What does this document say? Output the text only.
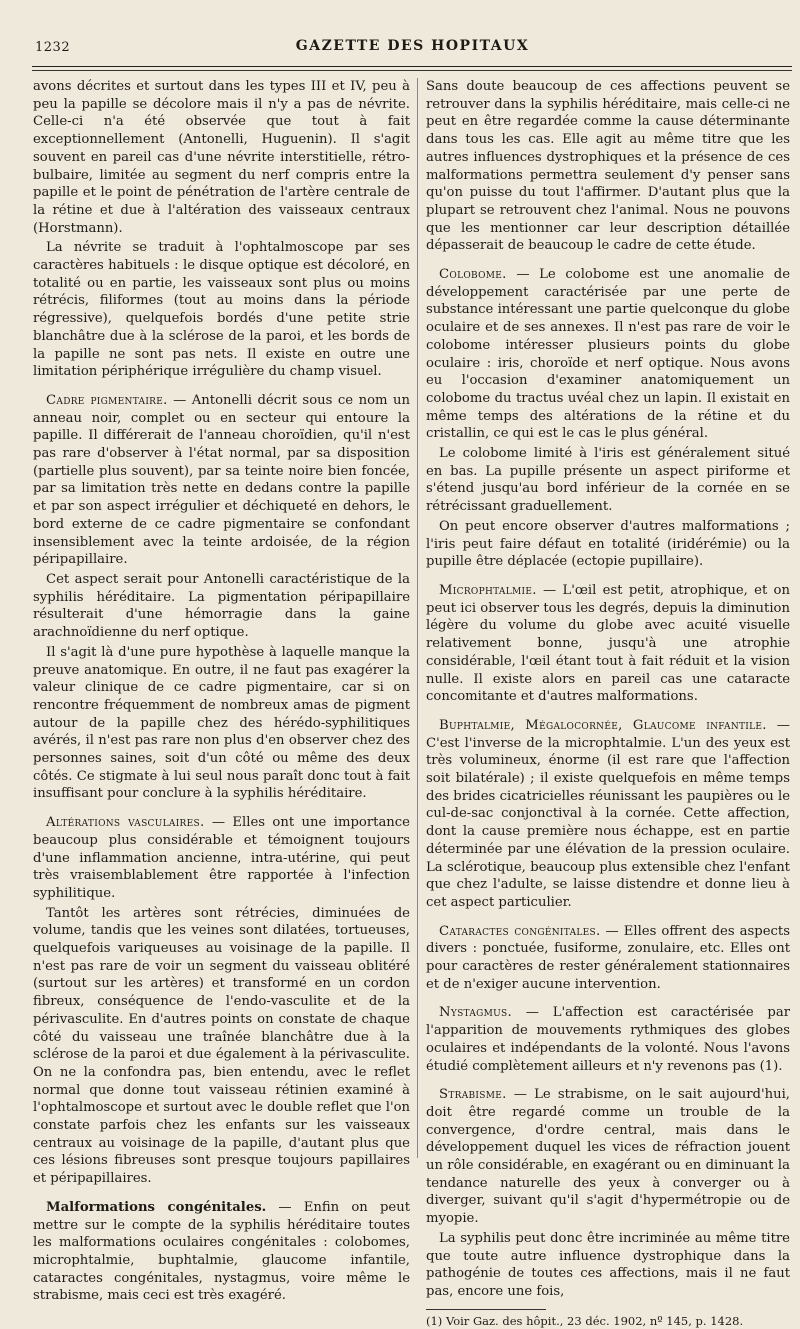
1232	GAZETTE DES HOPITAUX

avons décrites et surtout dans les types III et IV, peu à peu la papille se décolore mais il n'y a pas de névrite. Celle-ci n'a été observée que tout à fait exceptionnellement (Antonelli, Huguenin). Il s'agit souvent en pareil cas d'une névrite interstitielle, rétro-bulbaire, limitée au segment du nerf compris entre la papille et le point de pénétration de l'artère centrale de la rétine et due à l'altération des vaisseaux centraux (Horstmann).

La névrite se traduit à l'ophtalmoscope par ses caractères habituels : le disque optique est décoloré, en totalité ou en partie, les vaisseaux sont plus ou moins rétrécis, filiformes (tout au moins dans la période régressive), quelquefois bordés d'une petite strie blanchâtre due à la sclérose de la paroi, et les bords de la papille ne sont pas nets. Il existe en outre une limitation périphérique irrégulière du champ visuel.

Cadre pigmentaire. — Antonelli décrit sous ce nom un anneau noir, complet ou en secteur qui entoure la papille. Il différerait de l'anneau choroïdien, qu'il n'est pas rare d'observer à l'état normal, par sa disposition (partielle plus souvent), par sa teinte noire bien foncée, par sa limitation très nette en dedans contre la papille et par son aspect irrégulier et déchiqueté en dehors, le bord externe de ce cadre pigmentaire se confondant insensiblement avec la teinte ardoisée, de la région péripapillaire.

Cet aspect serait pour Antonelli caractéristique de la syphilis héréditaire. La pigmentation péripapillaire résulterait d'une hémorragie dans la gaine arachnoïdienne du nerf optique.

Il s'agit là d'une pure hypothèse à laquelle manque la preuve anatomique. En outre, il ne faut pas exagérer la valeur clinique de ce cadre pigmentaire, car si on rencontre fréquemment de nombreux amas de pigment autour de la papille chez des hérédo-syphilitiques avérés, il n'est pas rare non plus d'en observer chez des personnes saines, soit d'un côté ou même des deux côtés. Ce stigmate à lui seul nous paraît donc tout à fait insuffisant pour conclure à la syphilis héréditaire.

Altérations vasculaires. — Elles ont une importance beaucoup plus considérable et témoignent toujours d'une inflammation ancienne, intra-utérine, qui peut très vraisemblablement être rapportée à l'infection syphilitique.

Tantôt les artères sont rétrécies, diminuées de volume, tandis que les veines sont dilatées, tortueuses, quelquefois variqueuses au voisinage de la papille. Il n'est pas rare de voir un segment du vaisseau oblitéré (surtout sur les artères) et transformé en un cordon fibreux, conséquence de l'endo-vasculite et de la périvasculite. En d'autres points on constate de chaque côté du vaisseau une traînée blanchâtre due à la sclérose de la paroi et due également à la périvasculite. On ne la confondra pas, bien entendu, avec le reflet normal que donne tout vaisseau rétinien examiné à l'ophtalmoscope et surtout avec le double reflet que l'on constate parfois chez les enfants sur les vaisseaux centraux au voisinage de la papille, d'autant plus que ces lésions fibreuses sont presque toujours papillaires et péripapillaires.

Malformations congénitales. — Enfin on peut mettre sur le compte de la syphilis héréditaire toutes les malformations oculaires congénitales : colobomes, microphtalmie, buphtalmie, glaucome infantile, cataractes congénitales, nystagmus, voire même le strabisme, mais ceci est très exagéré.

Sans doute beaucoup de ces affections peuvent se retrouver dans la syphilis héréditaire, mais celle-ci ne peut en être regardée comme la cause déterminante dans tous les cas. Elle agit au même titre que les autres influences dystrophiques et la présence de ces malformations permettra seulement d'y penser sans qu'on puisse du tout l'affirmer. D'autant plus que la plupart se retrouvent chez l'animal. Nous ne pouvons que les mentionner car leur description détaillée dépasserait de beaucoup le cadre de cette étude.

Colobome. — Le colobome est une anomalie de développement caractérisée par une perte de substance intéressant une partie quelconque du globe oculaire et de ses annexes. Il n'est pas rare de voir le colobome intéresser plusieurs points du globe oculaire : iris, choroïde et nerf optique. Nous avons eu l'occasion d'examiner anatomiquement un colobome du tractus uvéal chez un lapin. Il existait en même temps des altérations de la rétine et du cristallin, ce qui est le cas le plus général.

Le colobome limité à l'iris est généralement situé en bas. La pupille présente un aspect piriforme et s'étend jusqu'au bord inférieur de la cornée en se rétrécissant graduellement.

On peut encore observer d'autres malformations ; l'iris peut faire défaut en totalité (iridérémie) ou la pupille être déplacée (ectopie pupillaire).

Microphtalmie. — L'œil est petit, atrophique, et on peut ici observer tous les degrés, depuis la diminution légère du volume du globe avec acuité visuelle relativement bonne, jusqu'à une atrophie considérable, l'œil étant tout à fait réduit et la vision nulle. Il existe alors en pareil cas une cataracte concomitante et d'autres malformations.

Buphtalmie, Mégalocornée, Glaucome infantile. — C'est l'inverse de la microphtalmie. L'un des yeux est très volumineux, énorme (il est rare que l'affection soit bilatérale) ; il existe quelquefois en même temps des brides cicatricielles réunissant les paupières ou le cul-de-sac conjonctival à la cornée. Cette affection, dont la cause première nous échappe, est en partie déterminée par une élévation de la pression oculaire. La sclérotique, beaucoup plus extensible chez l'enfant que chez l'adulte, se laisse distendre et donne lieu à cet aspect particulier.

Cataractes congénitales. — Elles offrent des aspects divers : ponctuée, fusiforme, zonulaire, etc. Elles ont pour caractères de rester généralement stationnaires et de n'exiger aucune intervention.

Nystagmus. — L'affection est caractérisée par l'apparition de mouvements rythmiques des globes oculaires et indépendants de la volonté. Nous l'avons étudié complètement ailleurs et n'y revenons pas (1).

Strabisme. — Le strabisme, on le sait aujourd'hui, doit être regardé comme un trouble de la convergence, d'ordre central, mais dans le développement duquel les vices de réfraction jouent un rôle considérable, en exagérant ou en diminuant la tendance naturelle des yeux à converger ou à diverger, suivant qu'il s'agit d'hypermétropie ou de myopie.

La syphilis peut donc être incriminée au même titre que toute autre influence dystrophique dans la pathogénie de toutes ces affections, mais il ne faut pas, encore une fois,

(1) Voir Gaz. des hôpit., 23 déc. 1902, nº 145, p. 1428.
